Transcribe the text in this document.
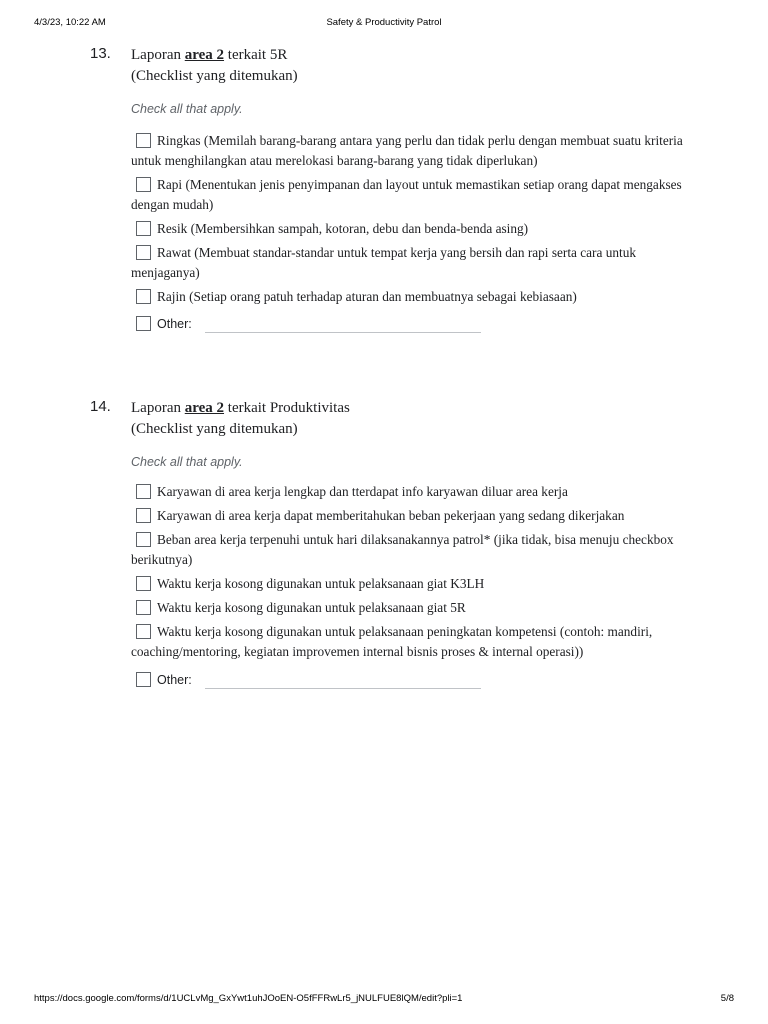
4/3/23, 10:22 AM	Safety & Productivity Patrol
13. Laporan area 2 terkait 5R
(Checklist yang ditemukan)
Check all that apply.

Ringkas (Memilah barang-barang antara yang perlu dan tidak perlu dengan membuat suatu kriteria untuk menghilangkan atau merelokasi barang-barang yang tidak diperlukan)

Rapi (Menentukan jenis penyimpanan dan layout untuk memastikan setiap orang dapat mengakses dengan mudah)

Resik (Membersihkan sampah, kotoran, debu dan benda-benda asing)

Rawat (Membuat standar-standar untuk tempat kerja yang bersih dan rapi serta cara untuk menjaganya)

Rajin (Setiap orang patuh terhadap aturan dan membuatnya sebagai kebiasaan)

Other:
14. Laporan area 2 terkait Produktivitas
(Checklist yang ditemukan)
Check all that apply.

Karyawan di area kerja lengkap dan tterdapat info karyawan diluar area kerja

Karyawan di area kerja dapat memberitahukan beban pekerjaan yang sedang dikerjakan

Beban area kerja terpenuhi untuk hari dilaksanakannya patrol* (jika tidak, bisa menuju checkbox berikutnya)

Waktu kerja kosong digunakan untuk pelaksanaan giat K3LH

Waktu kerja kosong digunakan untuk pelaksanaan giat 5R

Waktu kerja kosong digunakan untuk pelaksanaan peningkatan kompetensi (contoh: mandiri, coaching/mentoring, kegiatan improvemen internal bisnis proses & internal operasi))

Other:
https://docs.google.com/forms/d/1UCLvMg_GxYwt1uhJOoEN-O5fFFRwLr5_jNULFUE8lQM/edit?pli=1	5/8
